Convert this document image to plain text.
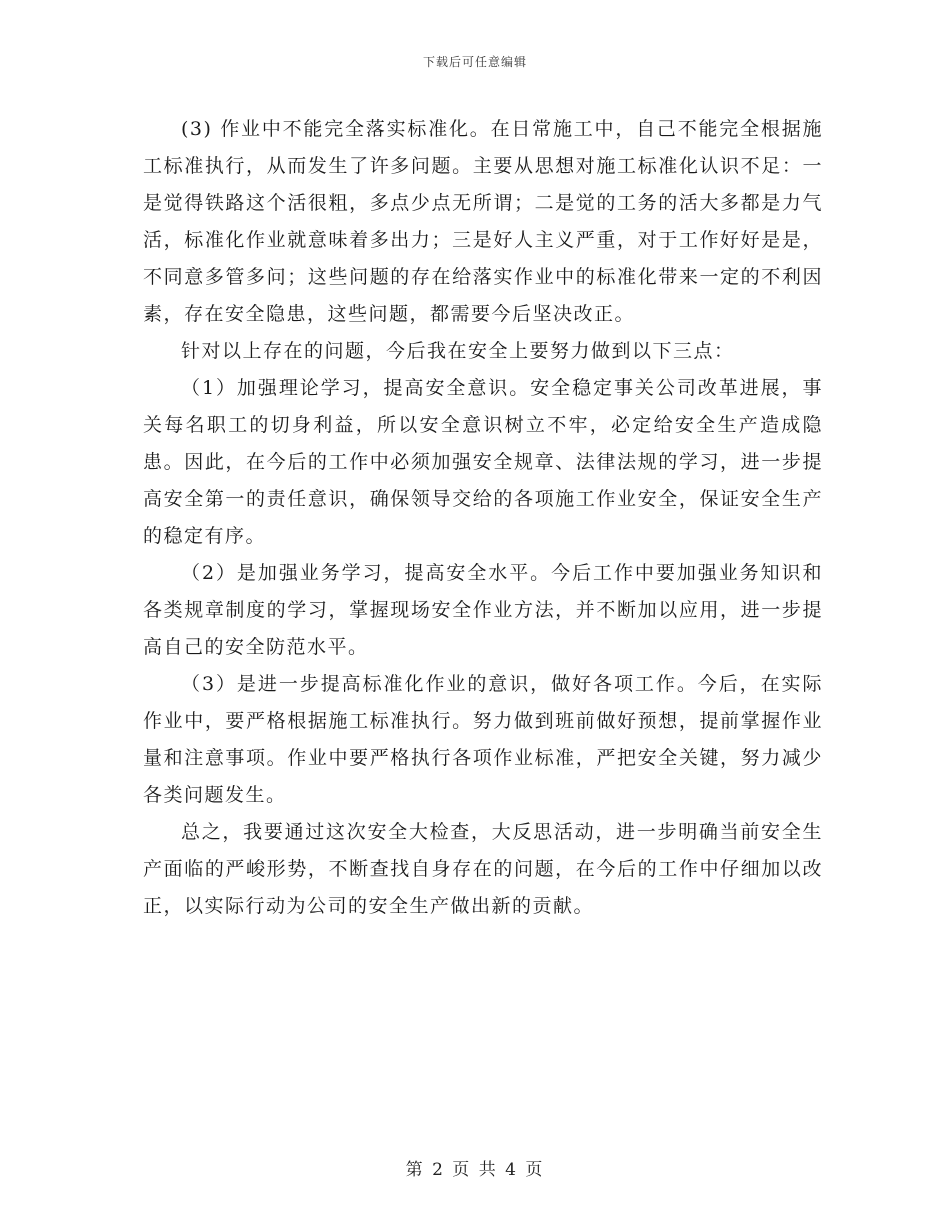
下载后可任意编辑

(3) 作业中不能完全落实标准化。在日常施工中，自己不能完全根据施工标准执行，从而发生了许多问题。主要从思想对施工标准化认识不足：一是觉得铁路这个活很粗，多点少点无所谓；二是觉的工务的活大多都是力气活，标准化作业就意味着多出力；三是好人主义严重，对于工作好好是是，不同意多管多问；这些问题的存在给落实作业中的标准化带来一定的不利因素，存在安全隐患，这些问题，都需要今后坚决改正。

针对以上存在的问题，今后我在安全上要努力做到以下三点：

（1）加强理论学习，提高安全意识。安全稳定事关公司改革进展，事关每名职工的切身利益，所以安全意识树立不牢，必定给安全生产造成隐患。因此，在今后的工作中必须加强安全规章、法律法规的学习，进一步提高安全第一的责任意识，确保领导交给的各项施工作业安全，保证安全生产的稳定有序。

（2）是加强业务学习，提高安全水平。今后工作中要加强业务知识和各类规章制度的学习，掌握现场安全作业方法，并不断加以应用，进一步提高自己的安全防范水平。

（3）是进一步提高标准化作业的意识，做好各项工作。今后，在实际作业中，要严格根据施工标准执行。努力做到班前做好预想，提前掌握作业量和注意事项。作业中要严格执行各项作业标准，严把安全关键，努力减少各类问题发生。

总之，我要通过这次安全大检查，大反思活动，进一步明确当前安全生产面临的严峻形势，不断查找自身存在的问题，在今后的工作中仔细加以改正，以实际行动为公司的安全生产做出新的贡献。

第 2 页 共 4 页
